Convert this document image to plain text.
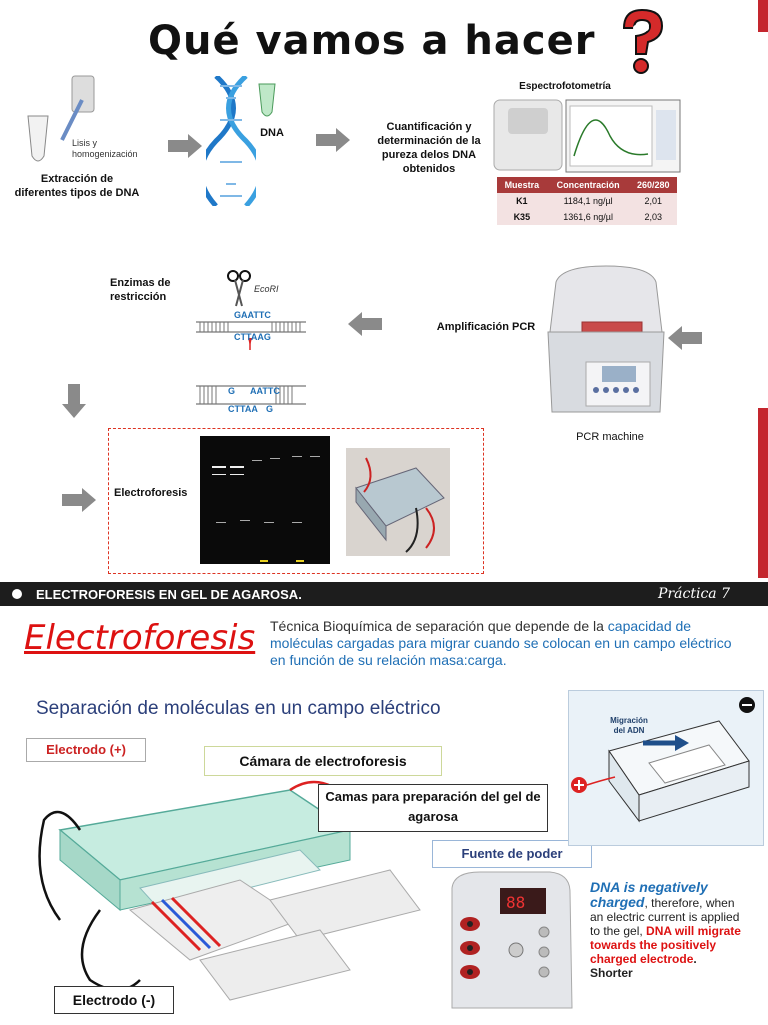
Qué vamos a hacer
Lisis y homogenización
Extracción de diferentes tipos de DNA
DNA	Cuantificación y determinación de la pureza delos DNA obtenidos
Espectrofotometría
Muestra	Concentración	260/280
K1	1184,1 ng/µl	2,01
K35	1361,6 ng/µl	2,03
Enzimas de restricción
EcoRI
GAATTC
CTTAAG
G AATTC
CTTAA G
Amplificación PCR
PCR machine
Electroforesis
ELECTROFORESIS EN GEL DE AGAROSA.	Práctica 7
Electroforesis Técnica Bioquímica de separación que depende de la capacidad de moléculas cargadas para migrar cuando se colocan en un campo eléctrico en función de su relación masa:carga.
Separación de moléculas en un campo eléctrico
Electrodo (+)
Cámara de electroforesis
Camas para preparación del gel de agarosa
Fuente de poder
Electrodo (-)
88
Migración del ADN
DNA is negatively charged, therefore, when an electric current is applied to the gel, DNA will migrate towards the positively charged electrode. Shorter
